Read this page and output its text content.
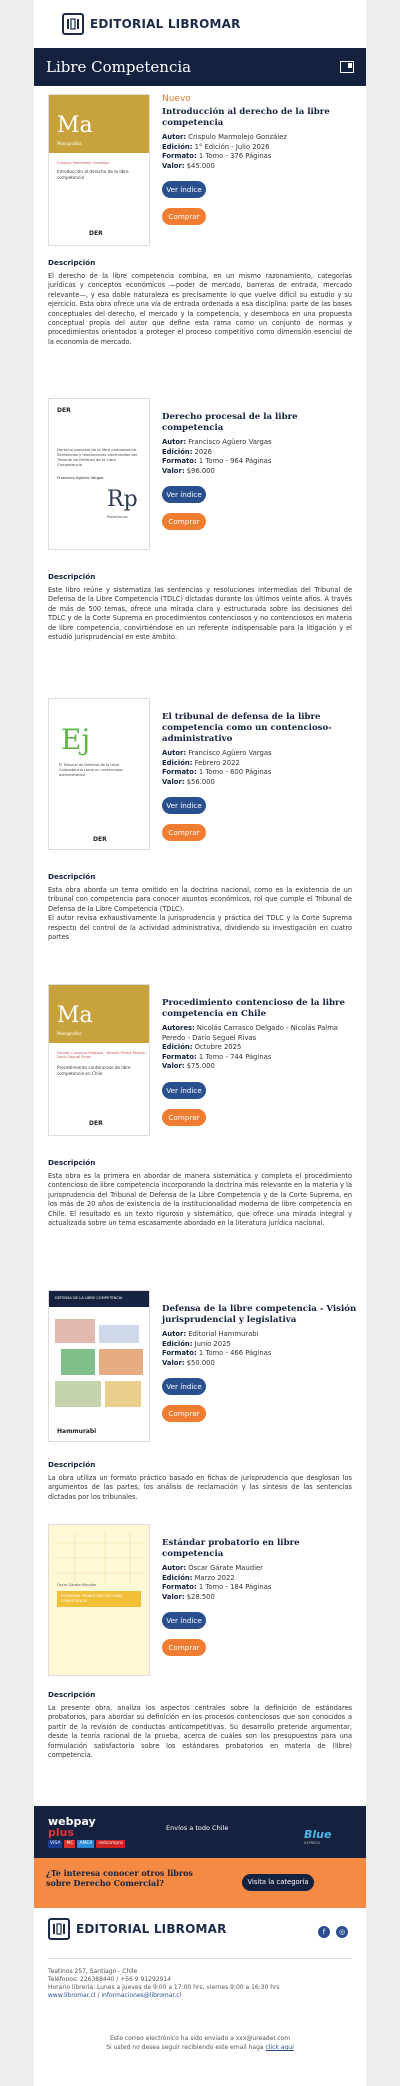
EDITORIAL LIBROMAR
Libre Competencia
Ma
Monografías
Crispulo Marmolejo González
Introducción al derecho de la libre competencia
DER
Nuevo
Introducción al derecho de la libre competencia
Autor: Crispulo Marmolejo González
Edición: 1° Edición - Julio 2026
Formato: 1 Tomo - 376 Páginas
Valor: $45.000
Ver índice
Comprar
Descripción
El derecho de la libre competencia combina, en un mismo razonamiento, categorías jurídicas y conceptos económicos —poder de mercado, barreras de entrada, mercado relevante—, y esa doble naturaleza es precisamente lo que vuelve difícil su estudio y su ejercicio. Esta obra ofrece una vía de entrada ordenada a esa disciplina: parte de las bases conceptuales del derecho, el mercado y la competencia, y desemboca en una propuesta conceptual propia del autor que define esta rama como un conjunto de normas y procedimientos orientados a proteger el proceso competitivo como dimensión esencial de la economía de mercado.
DER
Derecho procesal de la libre competencia. Sentencias y resoluciones intermedias del Tribunal de Defensa de la Libre Competencia
Francisco Agüero Vargas
Rp
Repertorios
Derecho procesal de la libre competencia
Autor: Francisco Agüero Vargas
Edición: 2026
Formato: 1 Tomo - 964 Páginas
Valor: $96.000
Ver índice
Comprar
Descripción
Este libro reúne y sistematiza las sentencias y resoluciones intermedias del Tribunal de Defensa de la Libre Competencia (TDLC) dictadas durante los últimos veinte años. A través de más de 500 temas, ofrece una mirada clara y estructurada sobre las decisiones del TDLC y de la Corte Suprema en procedimientos contenciosos y no contenciosos en materia de libre competencia, convirtiéndose en un referente indispensable para la litigación y el estudio jurisprudencial en este ámbito.
Ej
El Tribunal de Defensa de la Libre Competencia como un contencioso-administrativo
DER
El tribunal de defensa de la libre competencia como un contencioso-administrativo
Autor: Francisco Agüero Vargas
Edición: Febrero 2022
Formato: 1 Tomo - 600 Páginas
Valor: $56.000
Ver índice
Comprar
Descripción

Esta obra aborda un tema omitido en la doctrina nacional, como es la existencia de un tribunal con competencia para conocer asuntos económicos, rol que cumple el Tribunal de Defensa de la Libre Competencia (TDLC).

El autor revisa exhaustivamente la jurisprudencia y práctica del TDLC y la Corte Suprema respecto del control de la actividad administrativa, dividiendo su investigación en cuatro partes

Ma
Monografías
Nicolás Carrasco Delgado · Nicolás Palma Peredo · Darío Seguel Rivas
Procedimiento contencioso de libre competencia en Chile
DER
Procedimiento contencioso de la libre competencia en Chile
Autores: Nicolás Carrasco Delgado - Nicolás Palma Peredo - Darío Seguel Rivas
Edición: Octubre 2025
Formato: 1 Tomo - 744 Páginas
Valor: $75.000
Ver índice
Comprar
Descripción
Esta obra es la primera en abordar de manera sistemática y completa el procedimiento contencioso de libre competencia incorporando la doctrina más relevante en la materia y la jurisprudencia del Tribunal de Defensa de la Libre Competencia y de la Corte Suprema, en los más de 20 años de existencia de la institucionalidad moderna de libre competencia en Chile. El resultado es un texto riguroso y sistemático, que ofrece una mirada integral y actualizada sobre un tema escasamente abordado en la literatura jurídica nacional.
DEFENSA DE LA LIBRE COMPETENCIA
Hammurabi
Defensa de la libre competencia - Visión jurisprudencial y legislativa
Autor: Editorial Hammurabi
Edición: Junio 2025
Formato: 1 Tomo - 466 Páginas
Valor: $50.000
Ver índice
Comprar
Descripción
La obra utiliza un formato práctico basado en fichas de jurisprudencia que desglosan los argumentos de las partes, los análisis de reclamación y las síntesis de las sentencias dictadas por los tribunales.
Óscar Gárate Maudier
ESTÁNDAR PROBATORIO EN LIBRE COMPETENCIA
Estándar probatorio en libre competencia
Autor: Óscar Gárate Maudier
Edición: Marzo 2022
Formato: 1 Tomo - 184 Páginas
Valor: $28.500
Ver índice
Comprar
Descripción
La presente obra, analiza los aspectos centrales sobre la definición de estándares probatorios, para abordar su definición en los procesos contenciosos que son conocidos a partir de la revisión de conductas anticompetitivas. Su desarrollo pretende argumentar, desde la teoría racional de la prueba, acerca de cuáles son los presupuestos para una formulación satisfactoria sobre los estándares probatorios en materia de (libre) competencia.
webpay
plus
VISA	MC	AMEX	redcompra
Envíos a todo Chile	Blue
EXPRESS
¿Te interesa conocer otros libros sobre Derecho Comercial?	Visita la categoría
EDITORIAL LIBROMAR	f	◎
Teatinos 257, Santiago - Chile
Teléfonos: 226388440 / +56 9 91292914
Horario librería: Lunes a jueves de 9:00 a 17:00 hrs, viernes 9:00 a 16:30 hrs
www.libromar.cl / informaciones@libromar.cl
Este correo electrónico ha sido enviado a xxx@ureader.com
Si usted no desea seguir recibiendo este email haga click aquí
